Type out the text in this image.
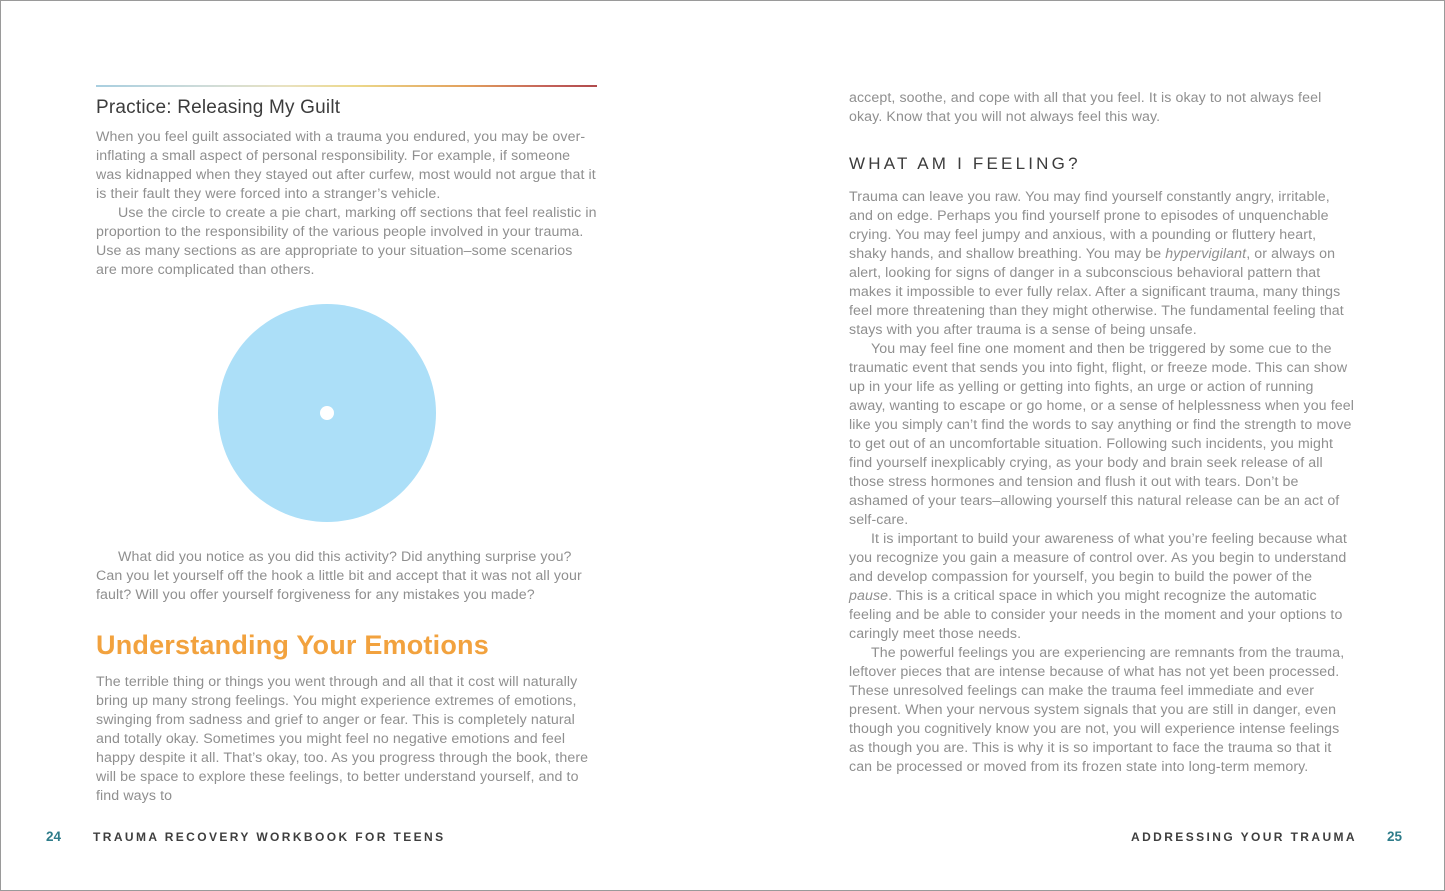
Practice: Releasing My Guilt

When you feel guilt associated with a trauma you endured, you may be over-inflating a small aspect of personal responsibility. For example, if someone was kidnapped when they stayed out after curfew, most would not argue that it is their fault they were forced into a stranger’s vehicle.

Use the circle to create a pie chart, marking off sections that feel realistic in proportion to the responsibility of the various people involved in your trauma. Use as many sections as are appropriate to your situation–some scenarios are more complicated than others.

What did you notice as you did this activity? Did anything surprise you? Can you let yourself off the hook a little bit and accept that it was not all your fault? Will you offer yourself forgiveness for any mistakes you made?

Understanding Your Emotions

The terrible thing or things you went through and all that it cost will naturally bring up many strong feelings. You might experience extremes of emotions, swinging from sadness and grief to anger or fear. This is completely natural and totally okay. Sometimes you might feel no negative emotions and feel happy despite it all. That’s okay, too. As you progress through the book, there will be space to explore these feelings, to better understand yourself, and to find ways to

accept, soothe, and cope with all that you feel. It is okay to not always feel okay. Know that you will not always feel this way.

WHAT AM I FEELING?

Trauma can leave you raw. You may find yourself constantly angry, irritable, and on edge. Perhaps you find yourself prone to episodes of unquenchable crying. You may feel jumpy and anxious, with a pounding or fluttery heart, shaky hands, and shallow breathing. You may be hypervigilant, or always on alert, looking for signs of danger in a subconscious behavioral pattern that makes it impossible to ever fully relax. After a significant trauma, many things feel more threatening than they might otherwise. The fundamental feeling that stays with you after trauma is a sense of being unsafe.

You may feel fine one moment and then be triggered by some cue to the traumatic event that sends you into fight, flight, or freeze mode. This can show up in your life as yelling or getting into fights, an urge or action of running away, wanting to escape or go home, or a sense of helplessness when you feel like you simply can’t find the words to say anything or find the strength to move to get out of an uncomfortable situation. Following such incidents, you might find yourself inexplicably crying, as your body and brain seek release of all those stress hormones and tension and flush it out with tears. Don’t be ashamed of your tears–allowing yourself this natural release can be an act of self-care.

It is important to build your awareness of what you’re feeling because what you recognize you gain a measure of control over. As you begin to understand and develop compassion for yourself, you begin to build the power of the pause. This is a critical space in which you might recognize the automatic feeling and be able to consider your needs in the moment and your options to caringly meet those needs.

The powerful feelings you are experiencing are remnants from the trauma, leftover pieces that are intense because of what has not yet been processed. These unresolved feelings can make the trauma feel immediate and ever present. When your nervous system signals that you are still in danger, even though you cognitively know you are not, you will experience intense feelings as though you are. This is why it is so important to face the trauma so that it can be processed or moved from its frozen state into long-term memory.

24	TRAUMA RECOVERY WORKBOOK FOR TEENS	ADDRESSING YOUR TRAUMA 25
